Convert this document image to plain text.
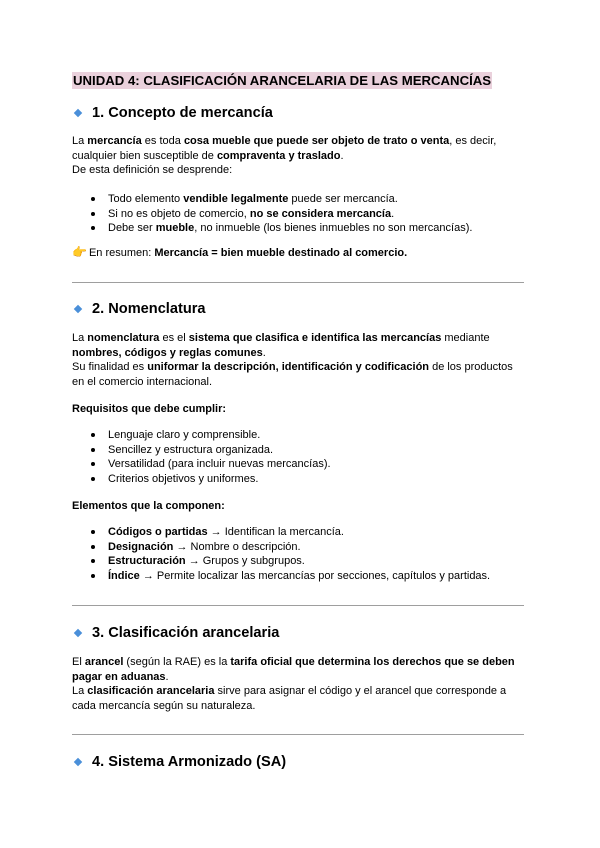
UNIDAD 4: CLASIFICACIÓN ARANCELARIA DE LAS MERCANCÍAS
1. Concepto de mercancía

La mercancía es toda cosa mueble que puede ser objeto de trato o venta, es decir,

cualquier bien susceptible de compraventa y traslado.

De esta definición se desprende:

Todo elemento vendible legalmente puede ser mercancía.
Si no es objeto de comercio, no se considera mercancía.
Debe ser mueble, no inmueble (los bienes inmuebles no son mercancías).

👉 En resumen: Mercancía = bien mueble destinado al comercio.

2. Nomenclatura

La nomenclatura es el sistema que clasifica e identifica las mercancías mediante

nombres, códigos y reglas comunes.

Su finalidad es uniformar la descripción, identificación y codificación de los productos

en el comercio internacional.

Requisitos que debe cumplir:
Lenguaje claro y comprensible.
Sencillez y estructura organizada.
Versatilidad (para incluir nuevas mercancías).
Criterios objetivos y uniformes.
Elementos que la componen:
Códigos o partidas → Identifican la mercancía.
Designación → Nombre o descripción.
Estructuración → Grupos y subgrupos.
Índice → Permite localizar las mercancías por secciones, capítulos y partidas.
3. Clasificación arancelaria

El arancel (según la RAE) es la tarifa oficial que determina los derechos que se deben

pagar en aduanas.

La clasificación arancelaria sirve para asignar el código y el arancel que corresponde a

cada mercancía según su naturaleza.

4. Sistema Armonizado (SA)
